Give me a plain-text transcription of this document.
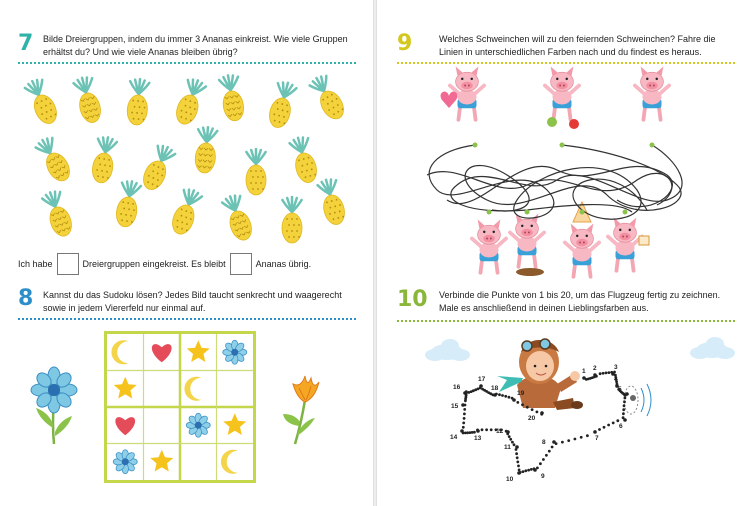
7 Bilde Dreiergruppen, indem du immer 3 Ananas einkreist. Wie viele Gruppen erhältst du? Und wie viele Ananas bleiben übrig?
Ich habe	Dreiergruppen eingekreist. Es bleibt	Ananas übrig.
8 Kannst du das Sudoku lösen? Jedes Bild taucht senkrecht und waagerecht sowie in jedem Viererfeld nur einmal auf.
9	Welches Schweinchen will zu den feiernden Schweinchen? Fahre die Linien in unterschiedlichen Farben nach und du findest es heraus.
10 Verbinde die Punkte von 1 bis 20, um das Flugzeug fertig zu zeichnen. Male es anschließend in deinen Lieblingsfarben aus.
1 2	3
4
5
6
7
8
9
10
11
12
13
14
15
16
17
18
19
20
